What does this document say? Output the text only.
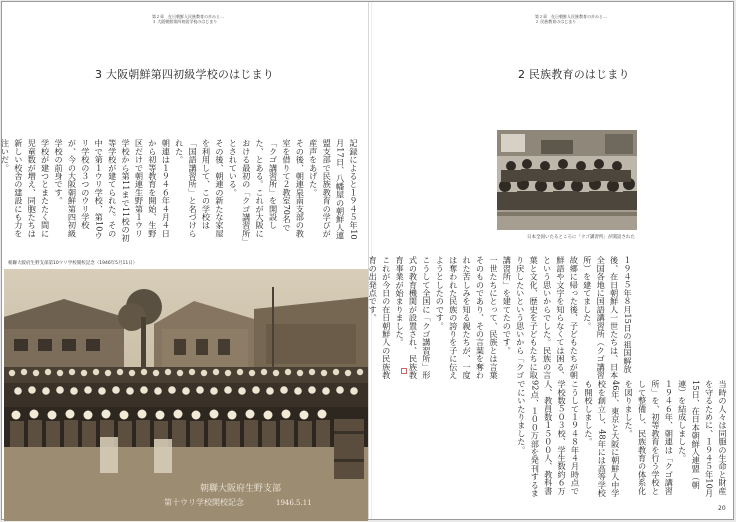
第２章　在日朝鮮人民族教育の歩みと…
３ 大阪朝鮮第四初級学校のはじまり
3 大阪朝鮮第四初級学校のはじまり

記録によると１９４５年10月17日、八幡屋の朝鮮人連盟支部で民族教育の学びが産声をあげた。

その後、朝連泉南支部の教室を借りて２教室70名で「クゴ講習所」を開設した、とある。これが大阪における最初の「クゴ講習所」とされている。

その後、朝連の新たな家屋を利用して、この学校は「国語講習所」と名づけられた。

朝連は１９４６年４月４日から初等教育を開始、生野区だけで朝連生野第１ウリ学校から第11まで11校の初等学校が建てられた。その中で第１ウリ学校、第10ウリ学校の３つのウリ学校が、今の大阪朝鮮第四初級学校の前身です。

学校が建つとまたたく間に児童数が増え、同胞たちは新しい校舎の建設にも力を注いだ。

朝聯大阪府生野支部第10ウリ学校開校記念（1946年5月11日）
朝聯大阪府生野支部
第十ウリ学校開校記念	1946.5.11
第２章　在日朝鮮人民族教育の歩みと…
２ 民族教育のはじまり
2 民族教育のはじまり
日本全国いたるところに「クゴ講習所」が開設された

１９４５年８月15日の祖国解放後、在日朝鮮人一世たちは、日本全国各地に国語講習所（クゴ講習所）を建てました。

故郷に帰った後、子どもたちが朝鮮語や文字を知らなくては困る、という思いからでした。民族の言葉と文化、歴史を子どもたちに取り戻したいという思いから「クゴ講習所」を建てたのです。

一世たちにとって、民族とは言葉そのものであり、その言葉を奪われた苦しみを知る親たちが、一度は奪われた民族の誇りを子に伝えようとしたのです。

こうして全国に「クゴ講習所」形式の教育機関が設置され、民族教育事業が始まりました。

これが今日の在日朝鮮人の民族教育の出発点です。

当時の人々は同胞の生命と財産を守るために、１９４５年10月15日、在日本朝鮮人連盟（朝連）を結成しました。

１９４６年、朝連は「クゴ講習所」を、初等教育を行う学校として整備し、民族教育の体系化を図りました。

46年、東京と大阪に朝鮮人中学校を創立し、48年には高等学校も開校しました。

こうして１９４８年４月時点で学校数５０３校、学生数約６万人、教員数１５００人、教科書92点、１００万部を発刊するまでにいたりました。

20
